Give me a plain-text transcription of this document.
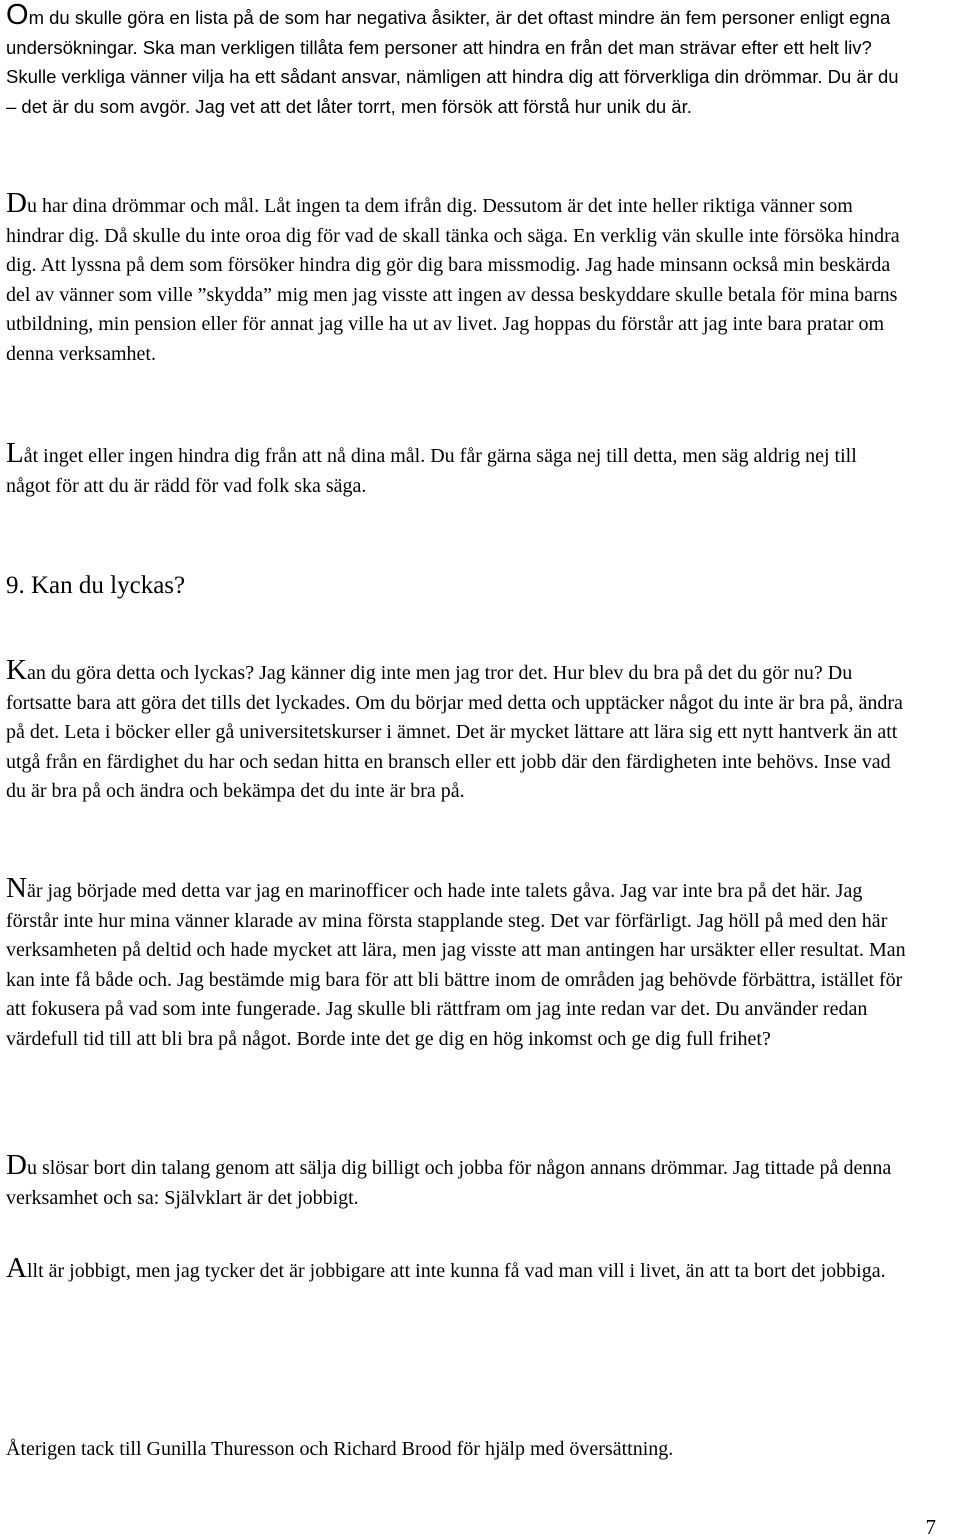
Om du skulle göra en lista på de som har negativa åsikter, är det oftast mindre än fem personer enligt egna undersökningar. Ska man verkligen tillåta fem personer att hindra en från det man strävar efter ett helt liv? Skulle verkliga vänner vilja ha ett sådant ansvar, nämligen att hindra dig att förverkliga din drömmar. Du är du – det är du som avgör. Jag vet att det låter torrt, men försök att förstå hur unik du är.

Du har dina drömmar och mål. Låt ingen ta dem ifrån dig. Dessutom är det inte heller riktiga vänner som hindrar dig. Då skulle du inte oroa dig för vad de skall tänka och säga. En verklig vän skulle inte försöka hindra dig. Att lyssna på dem som försöker hindra dig gör dig bara missmodig. Jag hade minsann också min beskärda del av vänner som ville ”skydda” mig men jag visste att ingen av dessa beskyddare skulle betala för mina barns utbildning, min pension eller för annat jag ville ha ut av livet. Jag hoppas du förstår att jag inte bara pratar om denna verksamhet.

Låt inget eller ingen hindra dig från att nå dina mål. Du får gärna säga nej till detta, men säg aldrig nej till något för att du är rädd för vad folk ska säga.

9. Kan du lyckas?

Kan du göra detta och lyckas? Jag känner dig inte men jag tror det. Hur blev du bra på det du gör nu? Du fortsatte bara att göra det tills det lyckades. Om du börjar med detta och upptäcker något du inte är bra på, ändra på det. Leta i böcker eller gå universitetskurser i ämnet. Det är mycket lättare att lära sig ett nytt hantverk än att utgå från en färdighet du har och sedan hitta en bransch eller ett jobb där den färdigheten inte behövs. Inse vad du är bra på och ändra och bekämpa det du inte är bra på.

När jag började med detta var jag en marinofficer och hade inte talets gåva. Jag var inte bra på det här. Jag förstår inte hur mina vänner klarade av mina första stapplande steg. Det var förfärligt. Jag höll på med den här verksamheten på deltid och hade mycket att lära, men jag visste att man antingen har ursäkter eller resultat. Man kan inte få både och. Jag bestämde mig bara för att bli bättre inom de områden jag behövde förbättra, istället för att fokusera på vad som inte fungerade. Jag skulle bli rättfram om jag inte redan var det. Du använder redan värdefull tid till att bli bra på något. Borde inte det ge dig en hög inkomst och ge dig full frihet?

Du slösar bort din talang genom att sälja dig billigt och jobba för någon annans drömmar. Jag tittade på denna verksamhet och sa: Självklart är det jobbigt.

Allt är jobbigt, men jag tycker det är jobbigare att inte kunna få vad man vill i livet, än att ta bort det jobbiga.

Återigen tack till Gunilla Thuresson och Richard Brood för hjälp med översättning.

7
